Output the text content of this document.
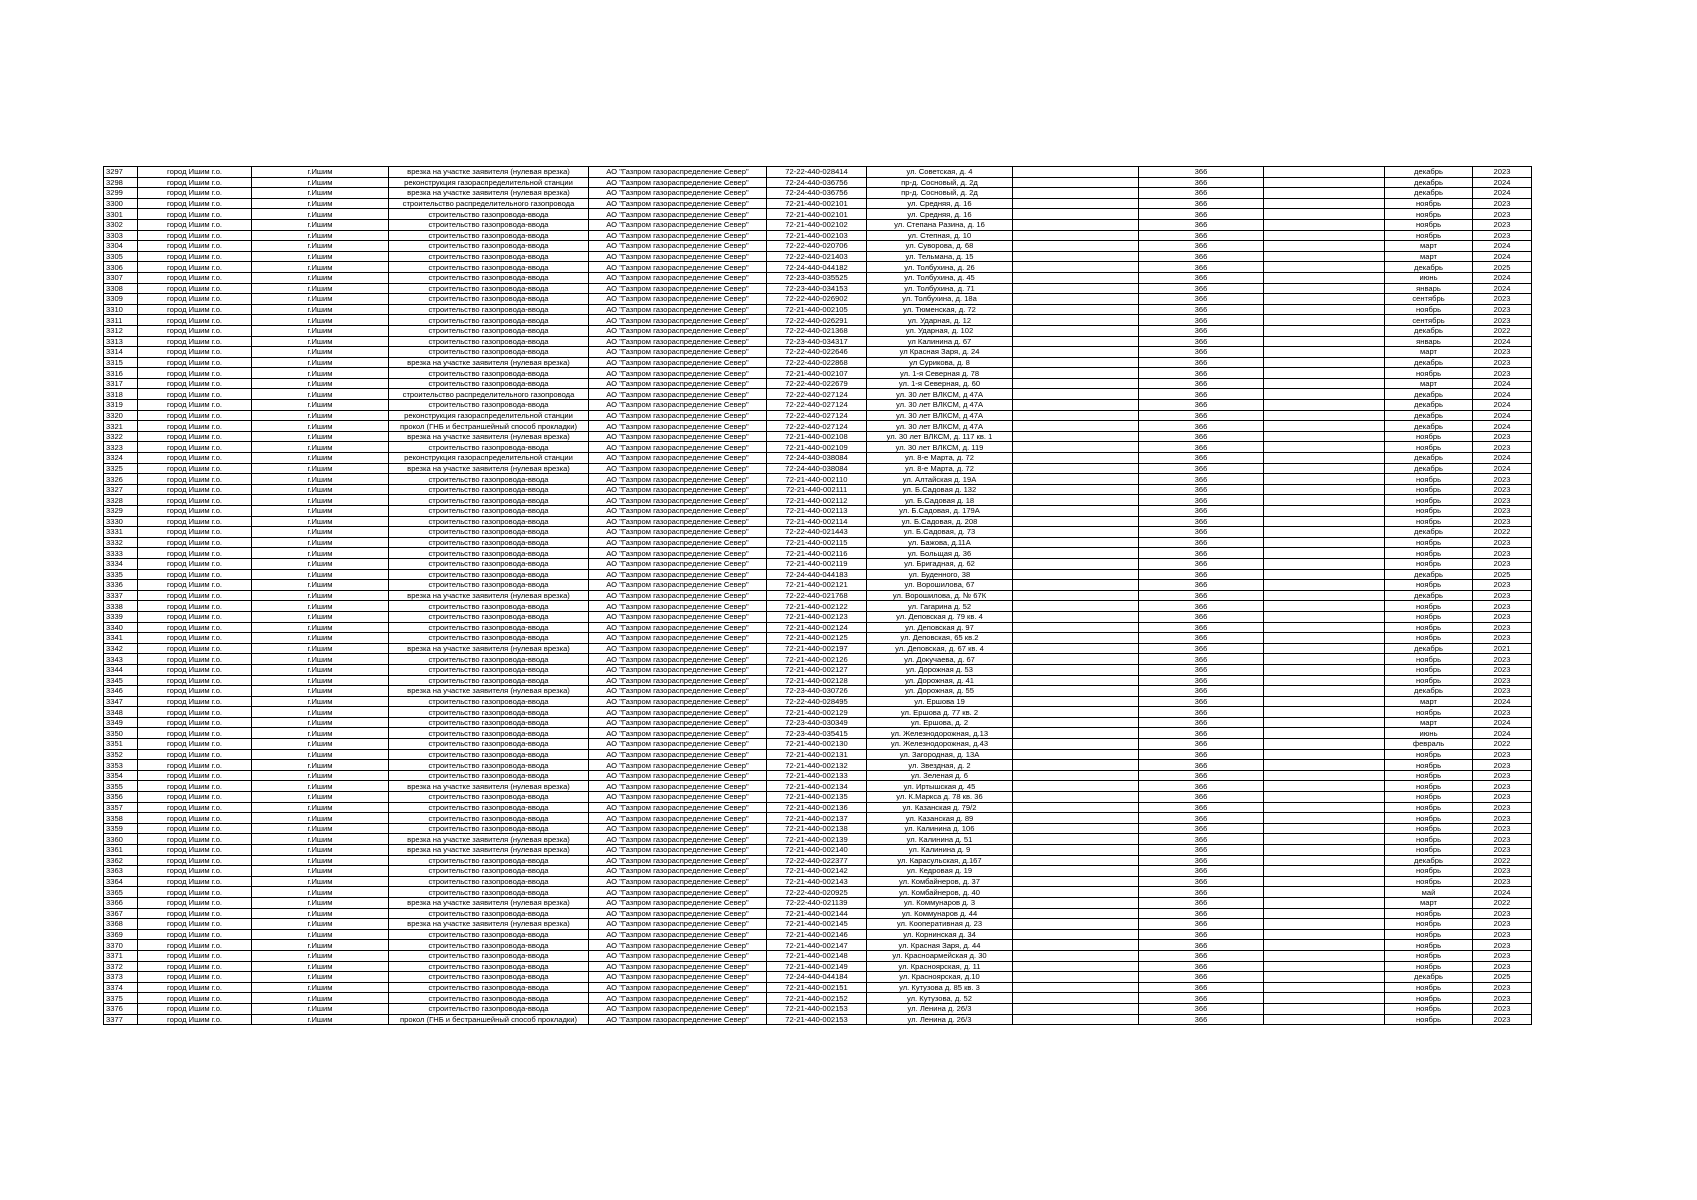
3297	город Ишим г.о.	г.Ишим	врезка на участке заявителя (нулевая врезка)	АО "Газпром газораспределение Север"	72-22-440-028414	ул. Советская, д. 4		366		декабрь	2023
3298	город Ишим г.о.	г.Ишим	реконструкция газораспределительной станции	АО "Газпром газораспределение Север"	72-24-440-036756	пр-д. Сосновый, д. 2д		366		декабрь	2024
3299	город Ишим г.о.	г.Ишим	врезка на участке заявителя (нулевая врезка)	АО "Газпром газораспределение Север"	72-24-440-036756	пр-д. Сосновый, д. 2д		366		декабрь	2024
3300	город Ишим г.о.	г.Ишим	строительство распределительного газопровода	АО "Газпром газораспределение Север"	72-21-440-002101	ул. Средняя, д. 16		366		ноябрь	2023
3301	город Ишим г.о.	г.Ишим	строительство газопровода-ввода	АО "Газпром газораспределение Север"	72-21-440-002101	ул. Средняя, д. 16		366		ноябрь	2023
3302	город Ишим г.о.	г.Ишим	строительство газопровода-ввода	АО "Газпром газораспределение Север"	72-21-440-002102	ул. Степана Разина, д. 16		366		ноябрь	2023
3303	город Ишим г.о.	г.Ишим	строительство газопровода-ввода	АО "Газпром газораспределение Север"	72-21-440-002103	ул. Степная, д. 10		366		ноябрь	2023
3304	город Ишим г.о.	г.Ишим	строительство газопровода-ввода	АО "Газпром газораспределение Север"	72-22-440-020706	ул. Суворова, д. 68		366		март	2024
3305	город Ишим г.о.	г.Ишим	строительство газопровода-ввода	АО "Газпром газораспределение Север"	72-22-440-021403	ул. Тельмана, д. 15		366		март	2024
3306	город Ишим г.о.	г.Ишим	строительство газопровода-ввода	АО "Газпром газораспределение Север"	72-24-440-044182	ул. Толбухина, д. 26		366		декабрь	2025
3307	город Ишим г.о.	г.Ишим	строительство газопровода-ввода	АО "Газпром газораспределение Север"	72-23-440-035525	ул. Толбухина, д. 45		366		июнь	2024
3308	город Ишим г.о.	г.Ишим	строительство газопровода-ввода	АО "Газпром газораспределение Север"	72-23-440-034153	ул. Толбухина, д. 71		366		январь	2024
3309	город Ишим г.о.	г.Ишим	строительство газопровода-ввода	АО "Газпром газораспределение Север"	72-22-440-026902	ул. Толбухина, д. 18а		366		сентябрь	2023
3310	город Ишим г.о.	г.Ишим	строительство газопровода-ввода	АО "Газпром газораспределение Север"	72-21-440-002105	ул. Тюменская, д. 72		366		ноябрь	2023
3311	город Ишим г.о.	г.Ишим	строительство газопровода-ввода	АО "Газпром газораспределение Север"	72-22-440-026291	ул. Ударная, д. 12		366		сентябрь	2023
3312	город Ишим г.о.	г.Ишим	строительство газопровода-ввода	АО "Газпром газораспределение Север"	72-22-440-021368	ул. Ударная, д. 102		366		декабрь	2022
3313	город Ишим г.о.	г.Ишим	строительство газопровода-ввода	АО "Газпром газораспределение Север"	72-23-440-034317	ул Калинина д. 67		366		январь	2024
3314	город Ишим г.о.	г.Ишим	строительство газопровода-ввода	АО "Газпром газораспределение Север"	72-22-440-022646	ул Красная Заря, д. 24		366		март	2023
3315	город Ишим г.о.	г.Ишим	врезка на участке заявителя (нулевая врезка)	АО "Газпром газораспределение Север"	72-22-440-022868	ул Сурикова, д. 8		366		декабрь	2023
3316	город Ишим г.о.	г.Ишим	строительство газопровода-ввода	АО "Газпром газораспределение Север"	72-21-440-002107	ул. 1-я Северная д. 78		366		ноябрь	2023
3317	город Ишим г.о.	г.Ишим	строительство газопровода-ввода	АО "Газпром газораспределение Север"	72-22-440-022679	ул. 1-я Северная, д. 60		366		март	2024
3318	город Ишим г.о.	г.Ишим	строительство распределительного газопровода	АО "Газпром газораспределение Север"	72-22-440-027124	ул. 30 лет ВЛКСМ, д 47А		366		декабрь	2024
3319	город Ишим г.о.	г.Ишим	строительство газопровода-ввода	АО "Газпром газораспределение Север"	72-22-440-027124	ул. 30 лет ВЛКСМ, д 47А		366		декабрь	2024
3320	город Ишим г.о.	г.Ишим	реконструкция газораспределительной станции	АО "Газпром газораспределение Север"	72-22-440-027124	ул. 30 лет ВЛКСМ, д 47А		366		декабрь	2024
3321	город Ишим г.о.	г.Ишим	прокол (ГНБ и бестраншейный способ прокладки)	АО "Газпром газораспределение Север"	72-22-440-027124	ул. 30 лет ВЛКСМ, д 47А		366		декабрь	2024
3322	город Ишим г.о.	г.Ишим	врезка на участке заявителя (нулевая врезка)	АО "Газпром газораспределение Север"	72-21-440-002108	ул. 30 лет ВЛКСМ, д. 117 кв. 1		366		ноябрь	2023
3323	город Ишим г.о.	г.Ишим	строительство газопровода-ввода	АО "Газпром газораспределение Север"	72-21-440-002109	ул. 30 лет ВЛКСМ, д. 119		366		ноябрь	2023
3324	город Ишим г.о.	г.Ишим	реконструкция газораспределительной станции	АО "Газпром газораспределение Север"	72-24-440-038084	ул. 8-е Марта, д. 72		366		декабрь	2024
3325	город Ишим г.о.	г.Ишим	врезка на участке заявителя (нулевая врезка)	АО "Газпром газораспределение Север"	72-24-440-038084	ул. 8-е Марта, д. 72		366		декабрь	2024
3326	город Ишим г.о.	г.Ишим	строительство газопровода-ввода	АО "Газпром газораспределение Север"	72-21-440-002110	ул. Алтайская д. 19А		366		ноябрь	2023
3327	город Ишим г.о.	г.Ишим	строительство газопровода-ввода	АО "Газпром газораспределение Север"	72-21-440-002111	ул. Б.Садовая д. 132		366		ноябрь	2023
3328	город Ишим г.о.	г.Ишим	строительство газопровода-ввода	АО "Газпром газораспределение Север"	72-21-440-002112	ул. Б.Садовая д. 18		366		ноябрь	2023
3329	город Ишим г.о.	г.Ишим	строительство газопровода-ввода	АО "Газпром газораспределение Север"	72-21-440-002113	ул. Б.Садовая, д. 179А		366		ноябрь	2023
3330	город Ишим г.о.	г.Ишим	строительство газопровода-ввода	АО "Газпром газораспределение Север"	72-21-440-002114	ул. Б.Садовая, д. 208		366		ноябрь	2023
3331	город Ишим г.о.	г.Ишим	строительство газопровода-ввода	АО "Газпром газораспределение Север"	72-22-440-021443	ул. Б.Садовая, д. 73		366		декабрь	2022
3332	город Ишим г.о.	г.Ишим	строительство газопровода-ввода	АО "Газпром газораспределение Север"	72-21-440-002115	ул. Бажова, д.11А		366		ноябрь	2023
3333	город Ишим г.о.	г.Ишим	строительство газопровода-ввода	АО "Газпром газораспределение Север"	72-21-440-002116	ул. Больщая д. 36		366		ноябрь	2023
3334	город Ишим г.о.	г.Ишим	строительство газопровода-ввода	АО "Газпром газораспределение Север"	72-21-440-002119	ул. Бригадная, д. 62		366		ноябрь	2023
3335	город Ишим г.о.	г.Ишим	строительство газопровода-ввода	АО "Газпром газораспределение Север"	72-24-440-044183	ул. Буденного, 38		366		декабрь	2025
3336	город Ишим г.о.	г.Ишим	строительство газопровода-ввода	АО "Газпром газораспределение Север"	72-21-440-002121	ул. Ворошилова, 67		366		ноябрь	2023
3337	город Ишим г.о.	г.Ишим	врезка на участке заявителя (нулевая врезка)	АО "Газпром газораспределение Север"	72-22-440-021768	ул. Ворошилова, д. № 67К		366		декабрь	2023
3338	город Ишим г.о.	г.Ишим	строительство газопровода-ввода	АО "Газпром газораспределение Север"	72-21-440-002122	ул. Гагарина д. 52		366		ноябрь	2023
3339	город Ишим г.о.	г.Ишим	строительство газопровода-ввода	АО "Газпром газораспределение Север"	72-21-440-002123	ул. Деповская д. 79 кв. 4		366		ноябрь	2023
3340	город Ишим г.о.	г.Ишим	строительство газопровода-ввода	АО "Газпром газораспределение Север"	72-21-440-002124	ул. Деповская д. 97		366		ноябрь	2023
3341	город Ишим г.о.	г.Ишим	строительство газопровода-ввода	АО "Газпром газораспределение Север"	72-21-440-002125	ул. Деповская, 65 кв.2		366		ноябрь	2023
3342	город Ишим г.о.	г.Ишим	врезка на участке заявителя (нулевая врезка)	АО "Газпром газораспределение Север"	72-21-440-002197	ул. Деповская, д. 67 кв. 4		366		декабрь	2021
3343	город Ишим г.о.	г.Ишим	строительство газопровода-ввода	АО "Газпром газораспределение Север"	72-21-440-002126	ул. Докучаева, д. 67		366		ноябрь	2023
3344	город Ишим г.о.	г.Ишим	строительство газопровода-ввода	АО "Газпром газораспределение Север"	72-21-440-002127	ул. Дорожная д. 53		366		ноябрь	2023
3345	город Ишим г.о.	г.Ишим	строительство газопровода-ввода	АО "Газпром газораспределение Север"	72-21-440-002128	ул. Дорожная, д. 41		366		ноябрь	2023
3346	город Ишим г.о.	г.Ишим	врезка на участке заявителя (нулевая врезка)	АО "Газпром газораспределение Север"	72-23-440-030726	ул. Дорожная, д. 55		366		декабрь	2023
3347	город Ишим г.о.	г.Ишим	строительство газопровода-ввода	АО "Газпром газораспределение Север"	72-22-440-028495	ул. Ершова 19		366		март	2024
3348	город Ишим г.о.	г.Ишим	строительство газопровода-ввода	АО "Газпром газораспределение Север"	72-21-440-002129	ул. Ершова д. 77 кв. 2		366		ноябрь	2023
3349	город Ишим г.о.	г.Ишим	строительство газопровода-ввода	АО "Газпром газораспределение Север"	72-23-440-030349	ул. Ершова, д. 2		366		март	2024
3350	город Ишим г.о.	г.Ишим	строительство газопровода-ввода	АО "Газпром газораспределение Север"	72-23-440-035415	ул. Железнодорожная, д.13		366		июнь	2024
3351	город Ишим г.о.	г.Ишим	строительство газопровода-ввода	АО "Газпром газораспределение Север"	72-21-440-002130	ул. Железнодорожная, д.43		366		февраль	2022
3352	город Ишим г.о.	г.Ишим	строительство газопровода-ввода	АО "Газпром газораспределение Север"	72-21-440-002131	ул. Загородная, д. 13А		366		ноябрь	2023
3353	город Ишим г.о.	г.Ишим	строительство газопровода-ввода	АО "Газпром газораспределение Север"	72-21-440-002132	ул. Звездная, д. 2		366		ноябрь	2023
3354	город Ишим г.о.	г.Ишим	строительство газопровода-ввода	АО "Газпром газораспределение Север"	72-21-440-002133	ул. Зеленая д. 6		366		ноябрь	2023
3355	город Ишим г.о.	г.Ишим	врезка на участке заявителя (нулевая врезка)	АО "Газпром газораспределение Север"	72-21-440-002134	ул. Иртышская д. 45		366		ноябрь	2023
3356	город Ишим г.о.	г.Ишим	строительство газопровода-ввода	АО "Газпром газораспределение Север"	72-21-440-002135	ул. К.Маркса д. 78 кв. 36		366		ноябрь	2023
3357	город Ишим г.о.	г.Ишим	строительство газопровода-ввода	АО "Газпром газораспределение Север"	72-21-440-002136	ул. Казанская д. 79/2		366		ноябрь	2023
3358	город Ишим г.о.	г.Ишим	строительство газопровода-ввода	АО "Газпром газораспределение Север"	72-21-440-002137	ул. Казанская д. 89		366		ноябрь	2023
3359	город Ишим г.о.	г.Ишим	строительство газопровода-ввода	АО "Газпром газораспределение Север"	72-21-440-002138	ул. Калинина д. 106		366		ноябрь	2023
3360	город Ишим г.о.	г.Ишим	врезка на участке заявителя (нулевая врезка)	АО "Газпром газораспределение Север"	72-21-440-002139	ул. Калинина д. 51		366		ноябрь	2023
3361	город Ишим г.о.	г.Ишим	врезка на участке заявителя (нулевая врезка)	АО "Газпром газораспределение Север"	72-21-440-002140	ул. Калинина д. 9		366		ноябрь	2023
3362	город Ишим г.о.	г.Ишим	строительство газопровода-ввода	АО "Газпром газораспределение Север"	72-22-440-022377	ул. Карасульская, д.167		366		декабрь	2022
3363	город Ишим г.о.	г.Ишим	строительство газопровода-ввода	АО "Газпром газораспределение Север"	72-21-440-002142	ул. Кедровая д. 19		366		ноябрь	2023
3364	город Ишим г.о.	г.Ишим	строительство газопровода-ввода	АО "Газпром газораспределение Север"	72-21-440-002143	ул. Комбайнеров, д. 37		366		ноябрь	2023
3365	город Ишим г.о.	г.Ишим	строительство газопровода-ввода	АО "Газпром газораспределение Север"	72-22-440-020925	ул. Комбайнеров, д. 40		366		май	2024
3366	город Ишим г.о.	г.Ишим	врезка на участке заявителя (нулевая врезка)	АО "Газпром газораспределение Север"	72-22-440-021139	ул. Коммунаров д. 3		366		март	2022
3367	город Ишим г.о.	г.Ишим	строительство газопровода-ввода	АО "Газпром газораспределение Север"	72-21-440-002144	ул. Коммунаров д. 44		366		ноябрь	2023
3368	город Ишим г.о.	г.Ишим	врезка на участке заявителя (нулевая врезка)	АО "Газпром газораспределение Север"	72-21-440-002145	ул. Кооперативная д. 23		366		ноябрь	2023
3369	город Ишим г.о.	г.Ишим	строительство газопровода-ввода	АО "Газпром газораспределение Север"	72-21-440-002146	ул. Корнинская д. 34		366		ноябрь	2023
3370	город Ишим г.о.	г.Ишим	строительство газопровода-ввода	АО "Газпром газораспределение Север"	72-21-440-002147	ул. Красная Заря, д. 44		366		ноябрь	2023
3371	город Ишим г.о.	г.Ишим	строительство газопровода-ввода	АО "Газпром газораспределение Север"	72-21-440-002148	ул. Красноармейская д. 30		366		ноябрь	2023
3372	город Ишим г.о.	г.Ишим	строительство газопровода-ввода	АО "Газпром газораспределение Север"	72-21-440-002149	ул. Красноярская, д. 11		366		ноябрь	2023
3373	город Ишим г.о.	г.Ишим	строительство газопровода-ввода	АО "Газпром газораспределение Север"	72-24-440-044184	ул. Красноярская, д.10		366		декабрь	2025
3374	город Ишим г.о.	г.Ишим	строительство газопровода-ввода	АО "Газпром газораспределение Север"	72-21-440-002151	ул. Кутузова д. 85 кв. 3		366		ноябрь	2023
3375	город Ишим г.о.	г.Ишим	строительство газопровода-ввода	АО "Газпром газораспределение Север"	72-21-440-002152	ул. Кутузова, д. 52		366		ноябрь	2023
3376	город Ишим г.о.	г.Ишим	строительство газопровода-ввода	АО "Газпром газораспределение Север"	72-21-440-002153	ул. Ленина д. 26/3		366		ноябрь	2023
3377	город Ишим г.о.	г.Ишим	прокол (ГНБ и бестраншейный способ прокладки)	АО "Газпром газораспределение Север"	72-21-440-002153	ул. Ленина д. 26/3		366		ноябрь	2023
